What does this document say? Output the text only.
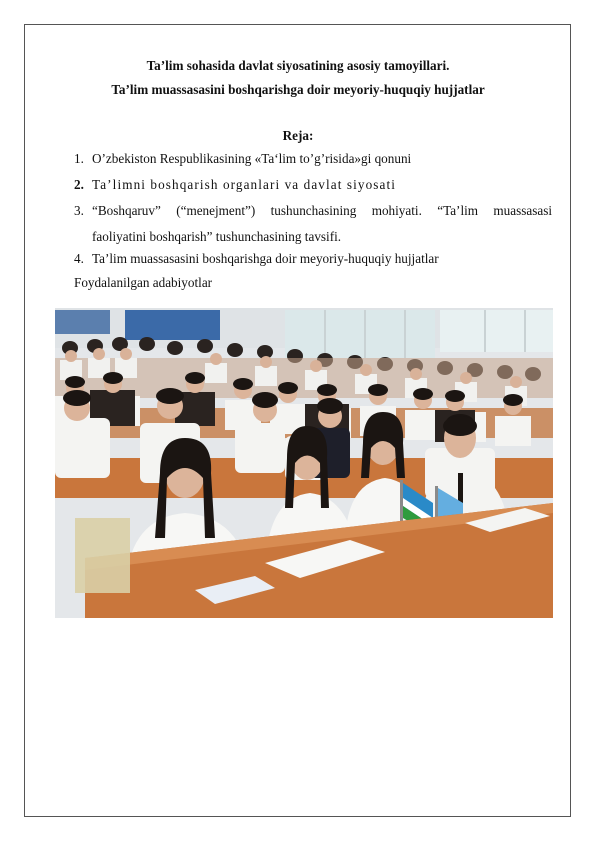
Ta’lim sohasida davlat siyosatining asosiy tamoyillari.
Ta’lim muassasasini boshqarishga doir meyoriy-huquqiy hujjatlar
Reja:
1. O’zbekiston Respublikasining «Ta‘lim to’g’risida»gi qonuni
2. Ta’limni boshqarish organlari va davlat siyosati
3. “Boshqaruv” (“menejment”) tushunchasining mohiyati. “Ta’lim muassasasi
faoliyatini boshqarish” tushunchasining tavsifi.
4. Ta’lim muassasasini boshqarishga doir meyoriy-huquqiy hujjatlar
Foydalanilgan adabiyotlar
